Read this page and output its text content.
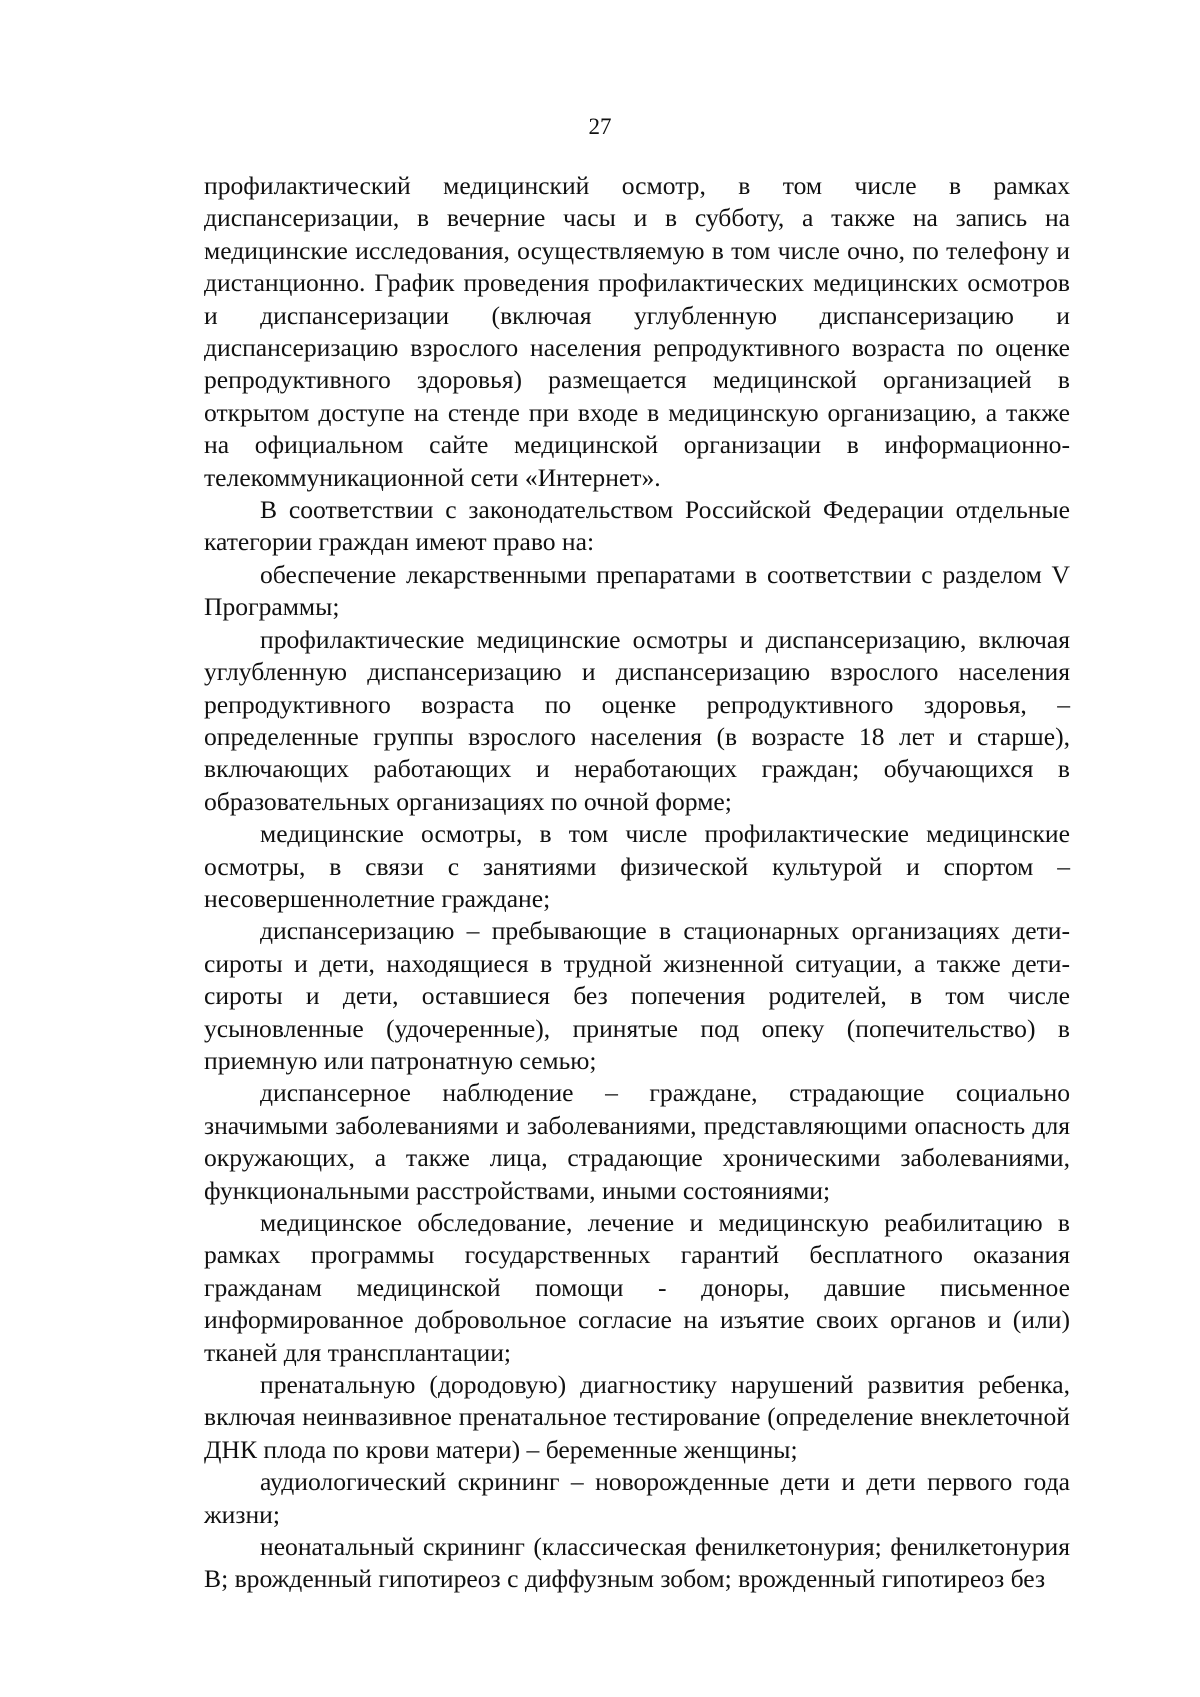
27

профилактический медицинский осмотр, в том числе в рамках диспансеризации, в вечерние часы и в субботу, а также на запись на медицинские исследования, осуществляемую в том числе очно, по телефону и дистанционно. График проведения профилактических медицинских осмотров и диспансеризации (включая углубленную диспансеризацию и диспансеризацию взрослого населения репродуктивного возраста по оценке репродуктивного здоровья) размещается медицинской организацией в открытом доступе на стенде при входе в медицинскую организацию, а также на официальном сайте медицинской организации в информационно-телекоммуникационной сети «Интернет».

В соответствии с законодательством Российской Федерации отдельные категории граждан имеют право на:

обеспечение лекарственными препаратами в соответствии с разделом V Программы;

профилактические медицинские осмотры и диспансеризацию, включая углубленную диспансеризацию и диспансеризацию взрослого населения репродуктивного возраста по оценке репродуктивного здоровья, – определенные группы взрослого населения (в возрасте 18 лет и старше), включающих работающих и неработающих граждан; обучающихся в образовательных организациях по очной форме;

медицинские осмотры, в том числе профилактические медицинские осмотры, в связи с занятиями физической культурой и спортом – несовершеннолетние граждане;

диспансеризацию – пребывающие в стационарных организациях дети-сироты и дети, находящиеся в трудной жизненной ситуации, а также дети-сироты и дети, оставшиеся без попечения родителей, в том числе усыновленные (удочеренные), принятые под опеку (попечительство) в приемную или патронатную семью;

диспансерное наблюдение – граждане, страдающие социально значимыми заболеваниями и заболеваниями, представляющими опасность для окружающих, а также лица, страдающие хроническими заболеваниями, функциональными расстройствами, иными состояниями;

медицинское обследование, лечение и медицинскую реабилитацию в рамках программы государственных гарантий бесплатного оказания гражданам медицинской помощи - доноры, давшие письменное информированное добровольное согласие на изъятие своих органов и (или) тканей для трансплантации;

пренатальную (дородовую) диагностику нарушений развития ребенка, включая неинвазивное пренатальное тестирование (определение внеклеточной ДНК плода по крови матери) – беременные женщины;

аудиологический скрининг – новорожденные дети и дети первого года жизни;

неонатальный скрининг (классическая фенилкетонурия; фенилкетонурия B; врожденный гипотиреоз с диффузным зобом; врожденный гипотиреоз без
